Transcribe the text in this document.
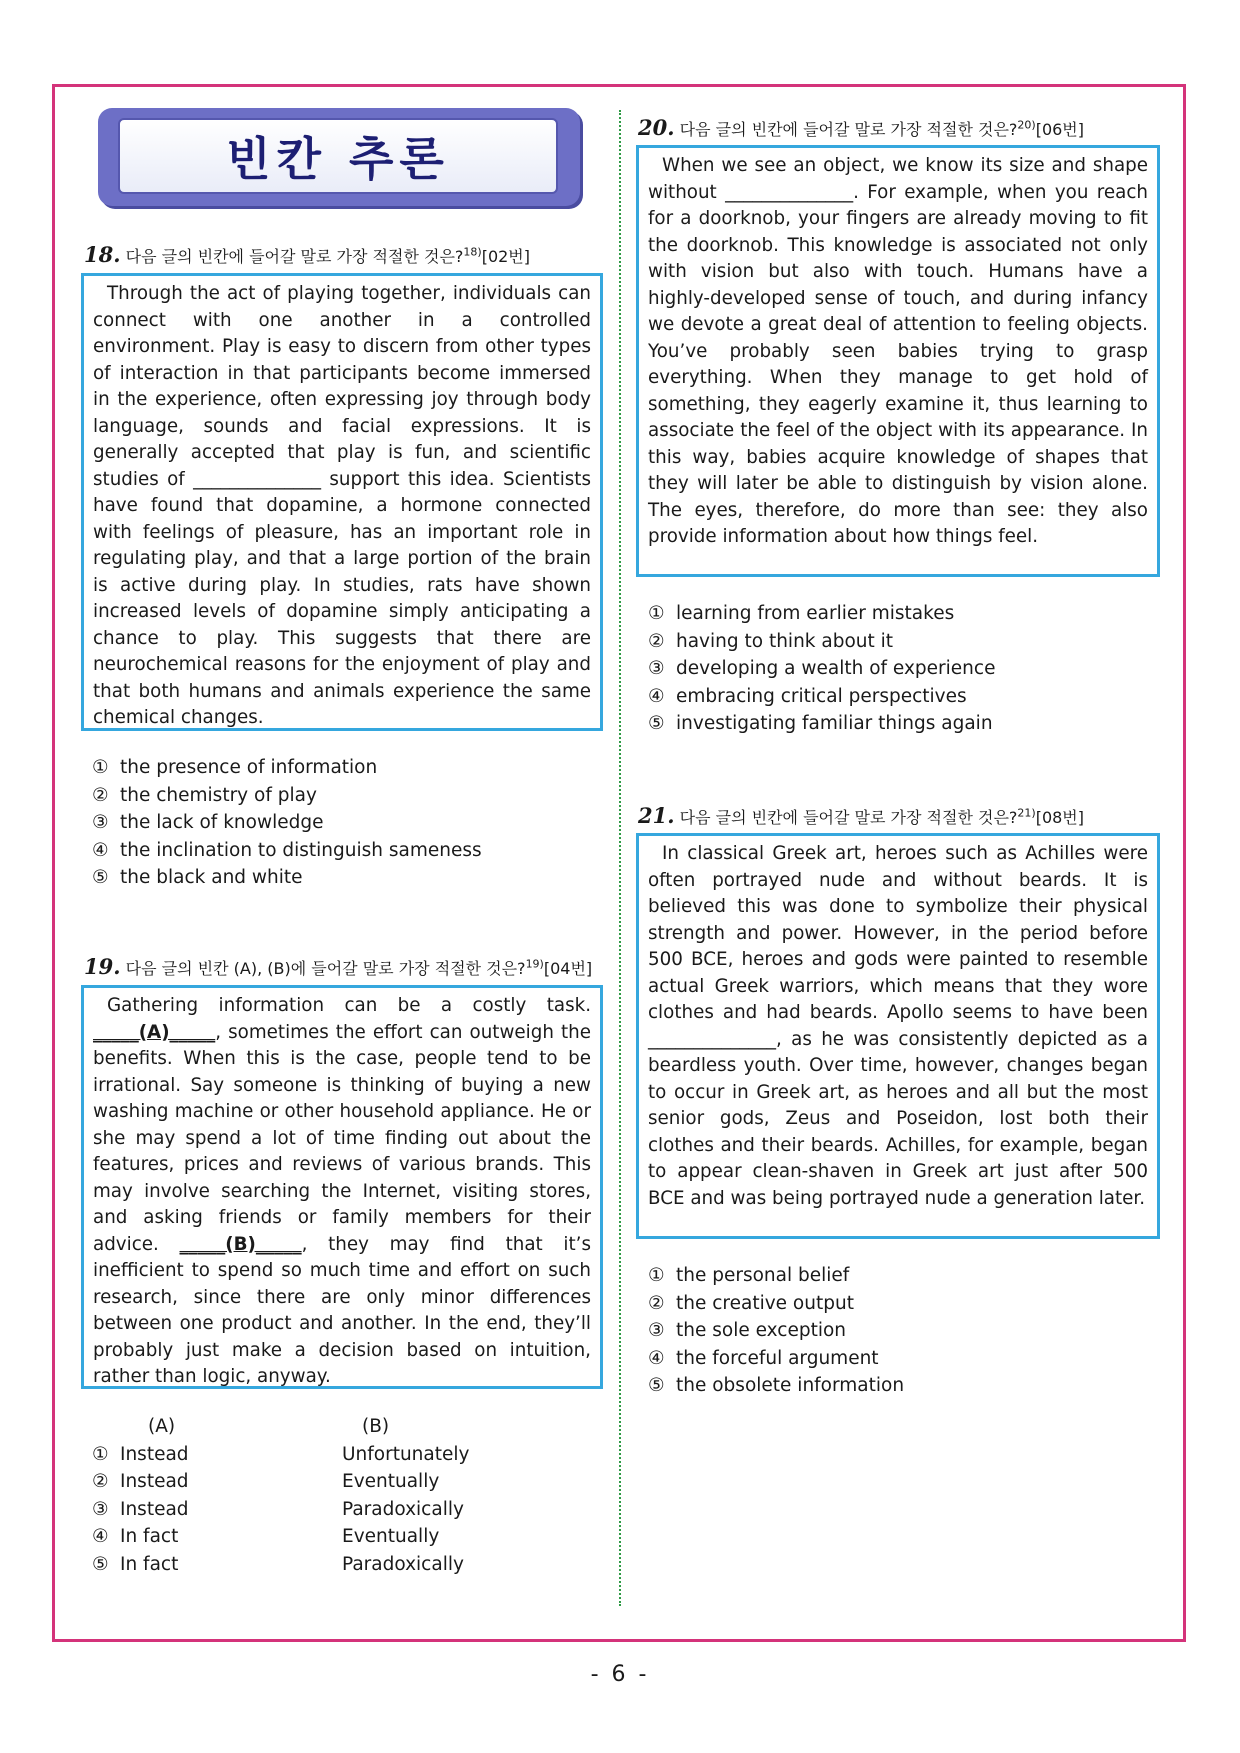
빈칸 추론
18. 다음 글의 빈칸에 들어갈 말로 가장 적절한 것은?$^{18)}$[02번]
Through the act of playing together, individuals can connect with one another in a controlled environment. Play is easy to discern from other types of interaction in that participants become immersed in the experience, often expressing joy through body language, sounds and facial expressions. It is generally accepted that play is fun, and scientific studies of ______________ support this idea. Scientists have found that dopamine, a hormone connected with feelings of pleasure, has an important role in regulating play, and that a large portion of the brain is active during play. In studies, rats have shown increased levels of dopamine simply anticipating a chance to play. This suggests that there are neurochemical reasons for the enjoyment of play and that both humans and animals experience the same chemical changes.
① the presence of information
② the chemistry of play
③ the lack of knowledge
④ the inclination to distinguish sameness
⑤ the black and white
19. 다음 글의 빈칸 (A), (B)에 들어갈 말로 가장 적절한 것은?$^{19)}$[04번]
Gathering information can be a costly task. _____(A)_____, sometimes the effort can outweigh the benefits. When this is the case, people tend to be irrational. Say someone is thinking of buying a new washing machine or other household appliance. He or she may spend a lot of time finding out about the features, prices and reviews of various brands. This may involve searching the Internet, visiting stores, and asking friends or family members for their advice. _____(B)_____, they may find that it’s inefficient to spend so much time and effort on such research, since there are only minor differences between one product and another. In the end, they’ll probably just make a decision based on intuition, rather than logic, anyway.
(A)	(B)
① Instead	Unfortunately
② Instead	Eventually
③ Instead	Paradoxically
④ In fact	Eventually
⑤ In fact	Paradoxically
20. 다음 글의 빈칸에 들어갈 말로 가장 적절한 것은?$^{20)}$[06번]
When we see an object, we know its size and shape without ______________. For example, when you reach for a doorknob, your fingers are already moving to fit the doorknob. This knowledge is associated not only with vision but also with touch. Humans have a highly-developed sense of touch, and during infancy we devote a great deal of attention to feeling objects. You’ve probably seen babies trying to grasp everything. When they manage to get hold of something, they eagerly examine it, thus learning to associate the feel of the object with its appearance. In this way, babies acquire knowledge of shapes that they will later be able to distinguish by vision alone. The eyes, therefore, do more than see: they also provide information about how things feel.
① learning from earlier mistakes
② having to think about it
③ developing a wealth of experience
④ embracing critical perspectives
⑤ investigating familiar things again
21. 다음 글의 빈칸에 들어갈 말로 가장 적절한 것은?$^{21)}$[08번]
In classical Greek art, heroes such as Achilles were often portrayed nude and without beards. It is believed this was done to symbolize their physical strength and power. However, in the period before 500 BCE, heroes and gods were painted to resemble actual Greek warriors, which means that they wore clothes and had beards. Apollo seems to have been ______________, as he was consistently depicted as a beardless youth. Over time, however, changes began to occur in Greek art, as heroes and all but the most senior gods, Zeus and Poseidon, lost both their clothes and their beards. Achilles, for example, began to appear clean-shaven in Greek art just after 500 BCE and was being portrayed nude a generation later.
① the personal belief
② the creative output
③ the sole exception
④ the forceful argument
⑤ the obsolete information
- 6 -
